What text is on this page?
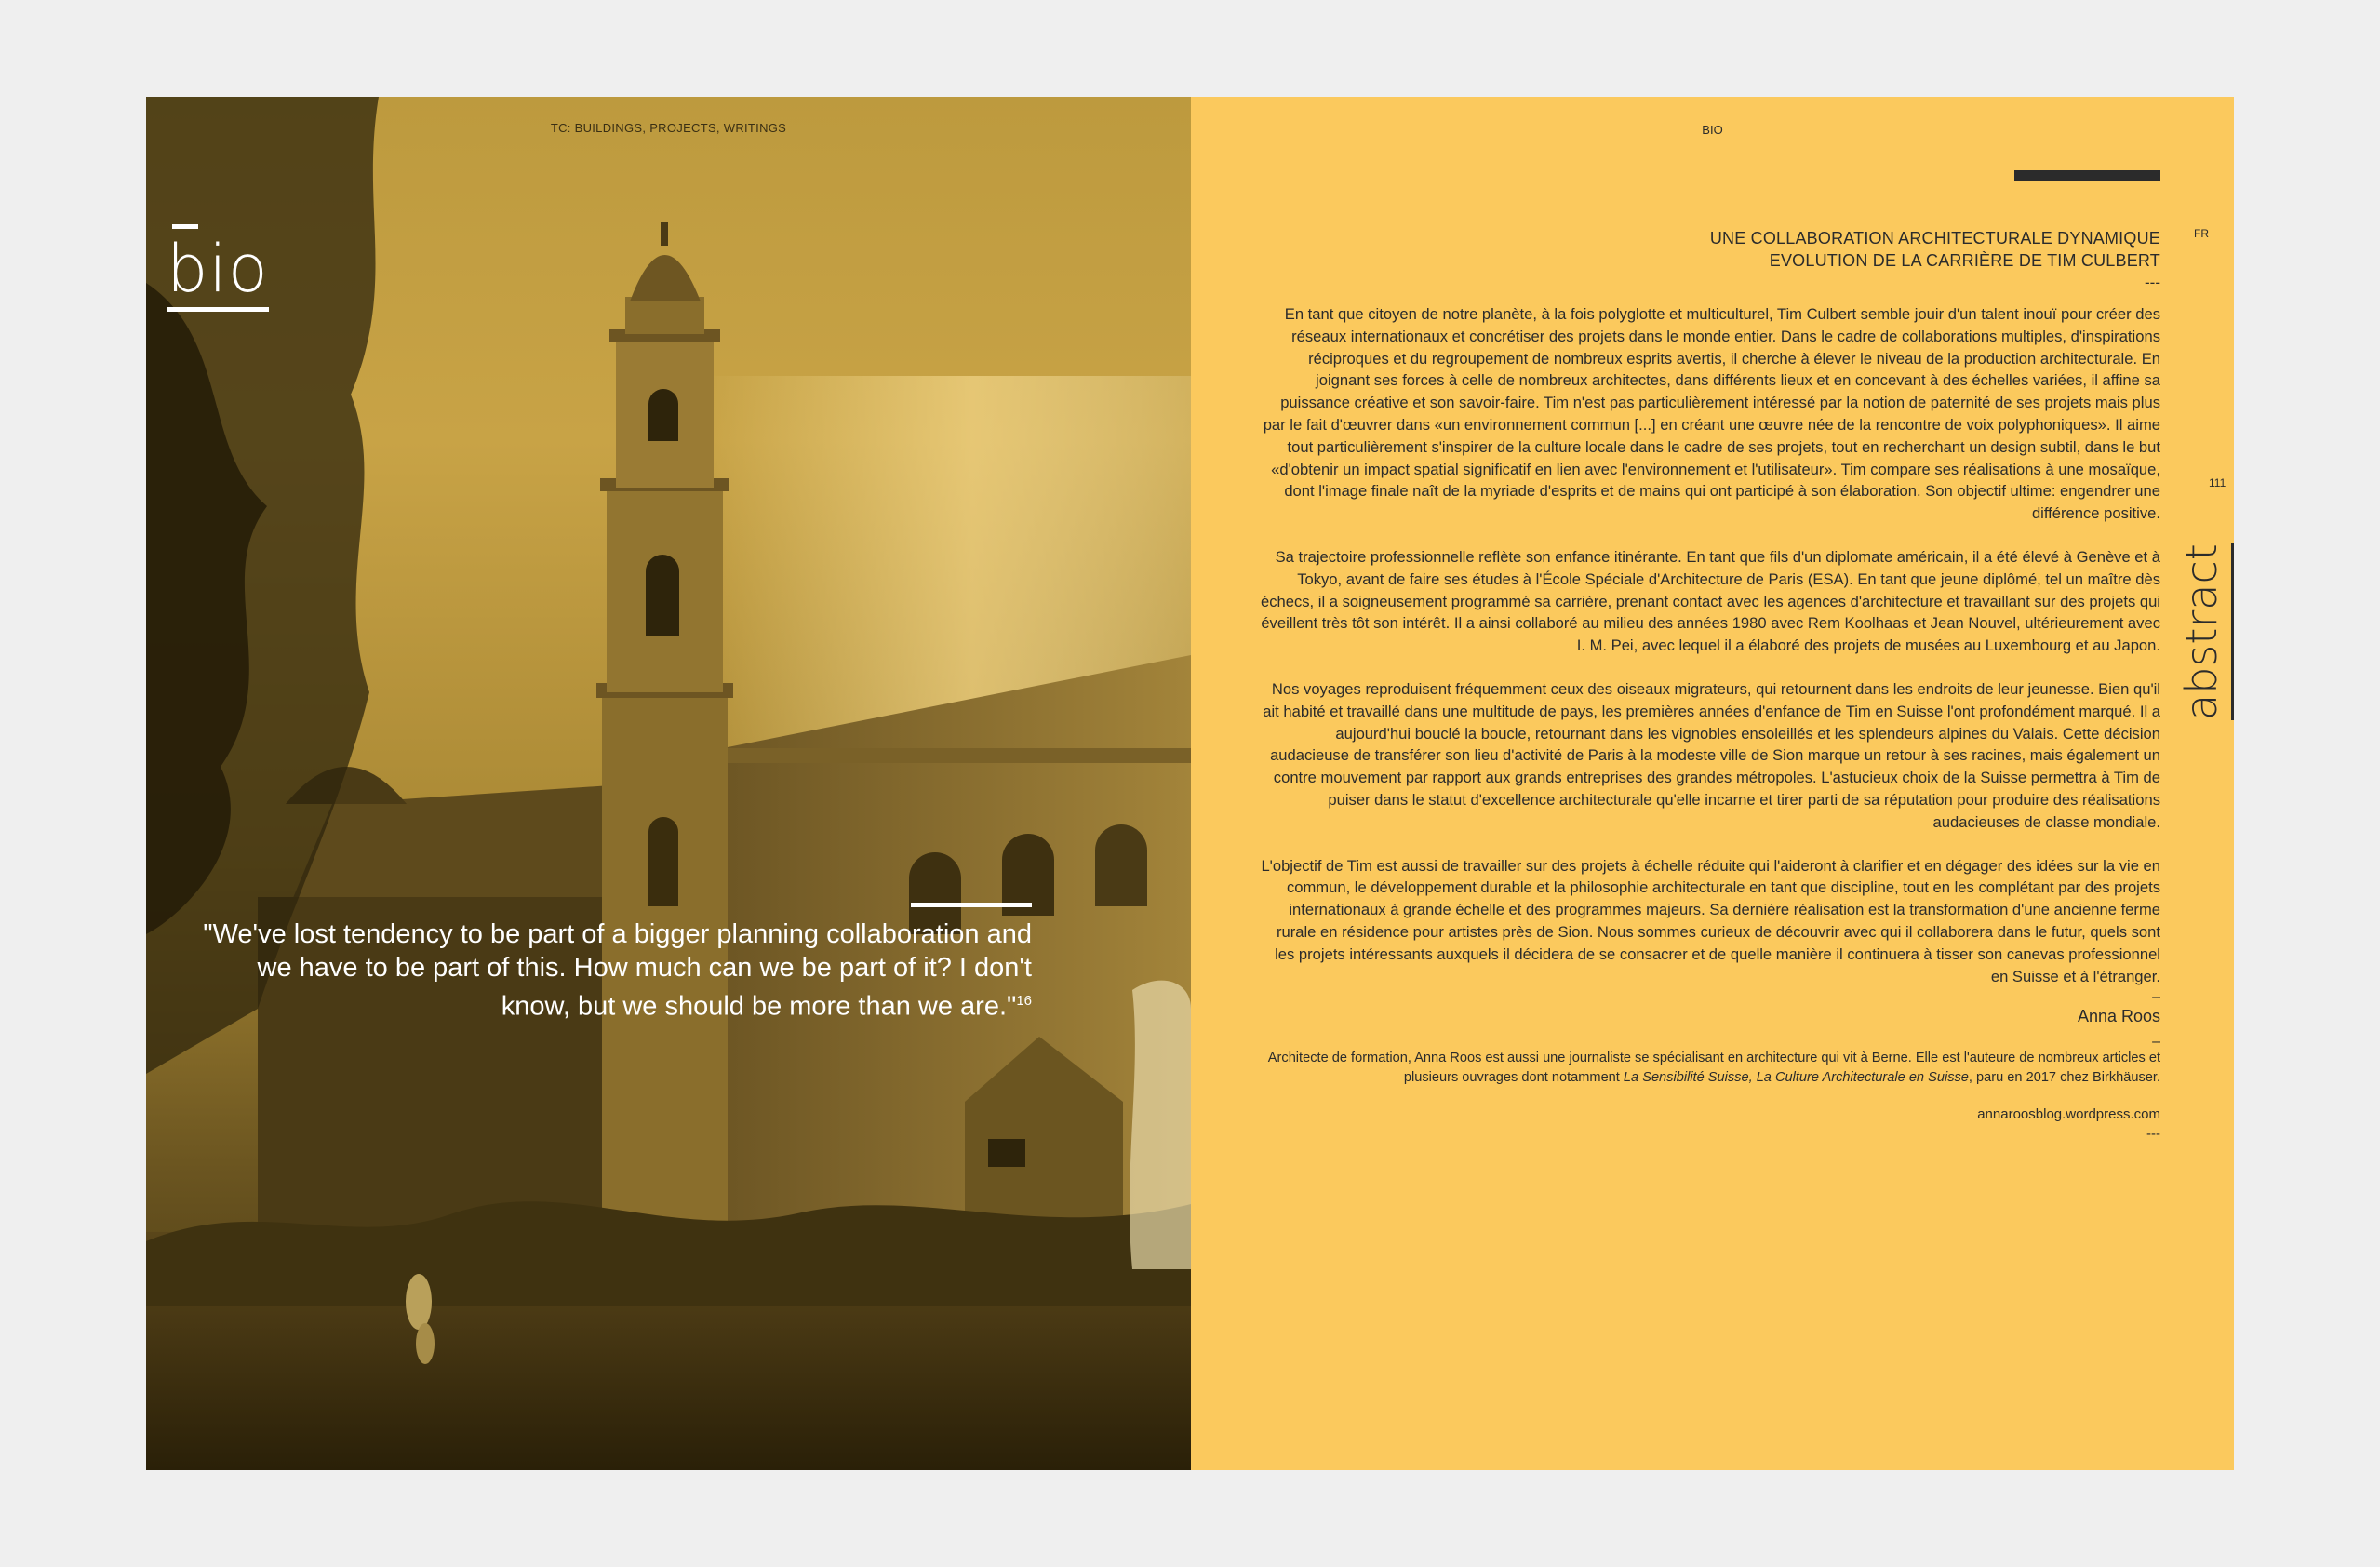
TC: BUILDINGS, PROJECTS, WRITINGS
bio
"We've lost tendency to be part of a bigger planning collaboration and we have to be part of this. How much can we be part of it? I don't know, but we should be more than we are."$^{16}$
BIO
FR
111
abstract
UNE COLLABORATION ARCHITECTURALE DYNAMIQUE
EVOLUTION DE LA CARRIÈRE DE TIM CULBERT
---

En tant que citoyen de notre planète, à la fois polyglotte et multiculturel, Tim Culbert semble jouir d'un talent inouï pour créer des réseaux internationaux et concrétiser des projets dans le monde entier. Dans le cadre de collaborations multiples, d'inspirations réciproques et du regroupement de nombreux esprits avertis, il cherche à élever le niveau de la production architecturale. En joignant ses forces à celle de nombreux architectes, dans différents lieux et en concevant à des échelles variées, il affine sa puissance créative et son savoir-faire. Tim n'est pas particulièrement intéressé par la notion de paternité de ses projets mais plus par le fait d'œuvrer dans «un environnement commun [...] en créant une œuvre née de la rencontre de voix polyphoniques». Il aime tout particulièrement s'inspirer de la culture locale dans le cadre de ses projets, tout en recherchant un design subtil, dans le but «d'obtenir un impact spatial significatif en lien avec l'environnement et l'utilisateur». Tim compare ses réalisations à une mosaïque, dont l'image finale naît de la myriade d'esprits et de mains qui ont participé à son élaboration. Son objectif ultime: engendrer une différence positive.

Sa trajectoire professionnelle reflète son enfance itinérante. En tant que fils d'un diplomate américain, il a été élevé à Genève et à Tokyo, avant de faire ses études à l'École Spéciale d'Architecture de Paris (ESA). En tant que jeune diplômé, tel un maître dès échecs, il a soigneusement programmé sa carrière, prenant contact avec les agences d'architecture et travaillant sur des projets qui éveillent très tôt son intérêt. Il a ainsi collaboré au milieu des années 1980 avec Rem Koolhaas et Jean Nouvel, ultérieurement avec I. M. Pei, avec lequel il a élaboré des projets de musées au Luxembourg et au Japon.

Nos voyages reproduisent fréquemment ceux des oiseaux migrateurs, qui retournent dans les endroits de leur jeunesse. Bien qu'il ait habité et travaillé dans une multitude de pays, les premières années d'enfance de Tim en Suisse l'ont profondément marqué. Il a aujourd'hui bouclé la boucle, retournant dans les vignobles ensoleillés et les splendeurs alpines du Valais. Cette décision audacieuse de transférer son lieu d'activité de Paris à la modeste ville de Sion marque un retour à ses racines, mais également un contre mouvement par rapport aux grands entreprises des grandes métropoles. L'astucieux choix de la Suisse permettra à Tim de puiser dans le statut d'excellence architecturale qu'elle incarne et tirer parti de sa réputation pour produire des réalisations audacieuses de classe mondiale.

L'objectif de Tim est aussi de travailler sur des projets à échelle réduite qui l'aideront à clarifier et en dégager des idées sur la vie en commun, le développement durable et la philosophie architecturale en tant que discipline, tout en les complétant par des projets internationaux à grande échelle et des programmes majeurs. Sa dernière réalisation est la transformation d'une ancienne ferme rurale en résidence pour artistes près de Sion. Nous sommes curieux de découvrir avec qui il collaborera dans le futur, quels sont les projets intéressants auxquels il décidera de se consacrer et de quelle manière il continuera à tisser son canevas professionnel en Suisse et à l'étranger.

–
Anna Roos
–
Architecte de formation, Anna Roos est aussi une journaliste se spécialisant en architecture qui vit à Berne. Elle est l'auteure de nombreux articles et plusieurs ouvrages dont notamment La Sensibilité Suisse, La Culture Architecturale en Suisse, paru en 2017 chez Birkhäuser.
annaroosblog.wordpress.com
---
